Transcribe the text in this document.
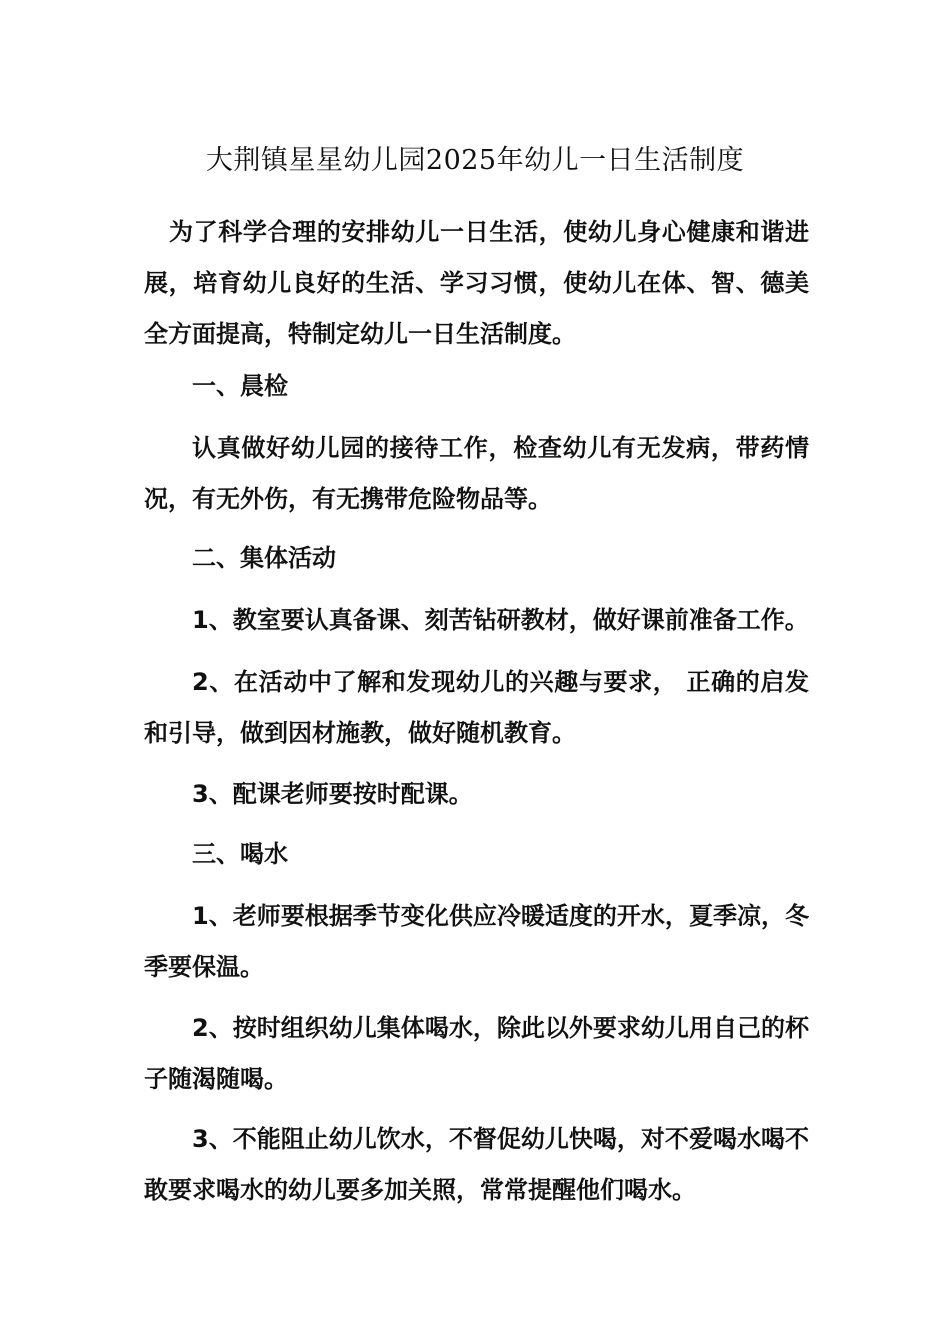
大荆镇星星幼儿园2025年幼儿一日生活制度

为了科学合理的安排幼儿一日生活，使幼儿身心健康和谐进展，培育幼儿良好的生活、学习习惯，使幼儿在体、智、德美全方面提高，特制定幼儿一日生活制度。

一、晨检

认真做好幼儿园的接待工作，检查幼儿有无发病，带药情况，有无外伤，有无携带危险物品等。

二、集体活动

1、教室要认真备课、刻苦钻研教材，做好课前准备工作。

2、在活动中了解和发现幼儿的兴趣与要求， 正确的启发和引导，做到因材施教，做好随机教育。

3、配课老师要按时配课。

三、喝水

1、老师要根据季节变化供应冷暖适度的开水，夏季凉，冬季要保温。

2、按时组织幼儿集体喝水，除此以外要求幼儿用自己的杯子随渴随喝。

3、不能阻止幼儿饮水，不督促幼儿快喝，对不爱喝水喝不敢要求喝水的幼儿要多加关照，常常提醒他们喝水。
